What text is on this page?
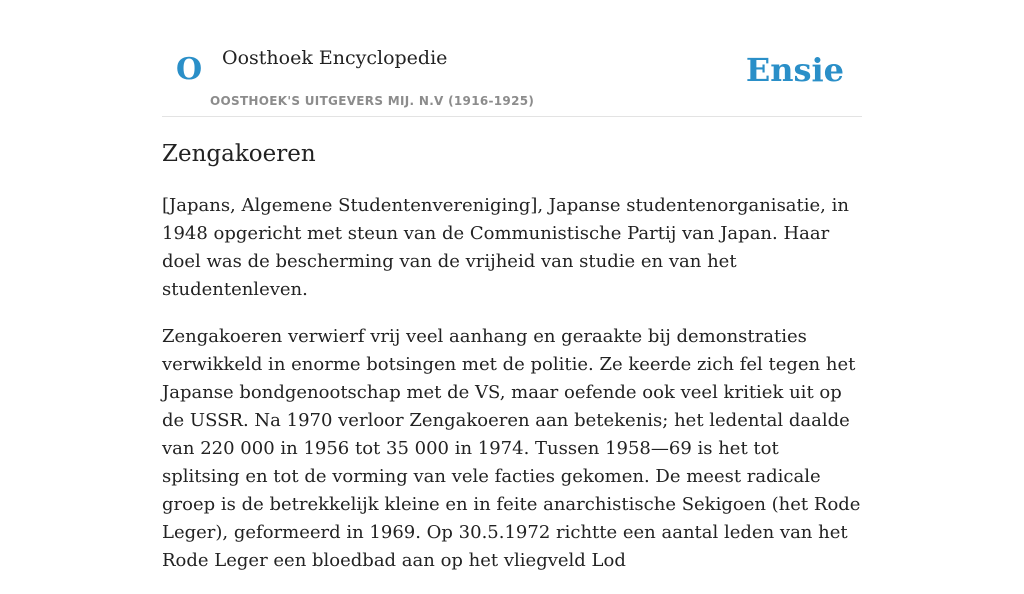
O Oosthoek Encyclopedie
OOSTHOEK'S UITGEVERS MIJ. N.V (1916-1925)
Ensie
Zengakoeren

[Japans, Algemene Studentenvereniging], Japanse studentenorganisatie, in 1948 opgericht met steun van de Communistische Partij van Japan. Haar doel was de bescherming van de vrijheid van studie en van het studentenleven.

Zengakoeren verwierf vrij veel aanhang en geraakte bij demonstraties verwikkeld in enorme botsingen met de politie. Ze keerde zich fel tegen het Japanse bondgenootschap met de VS, maar oefende ook veel kritiek uit op de USSR. Na 1970 verloor Zengakoeren aan betekenis; het ledental daalde van 220 000 in 1956 tot 35 000 in 1974. Tussen 1958—69 is het tot splitsing en tot de vorming van vele facties gekomen. De meest radicale groep is de betrekkelijk kleine en in feite anarchistische Sekigoen (het Rode Leger), geformeerd in 1969. Op 30.5.1972 richtte een aantal leden van het Rode Leger een bloedbad aan op het vliegveld Lod
